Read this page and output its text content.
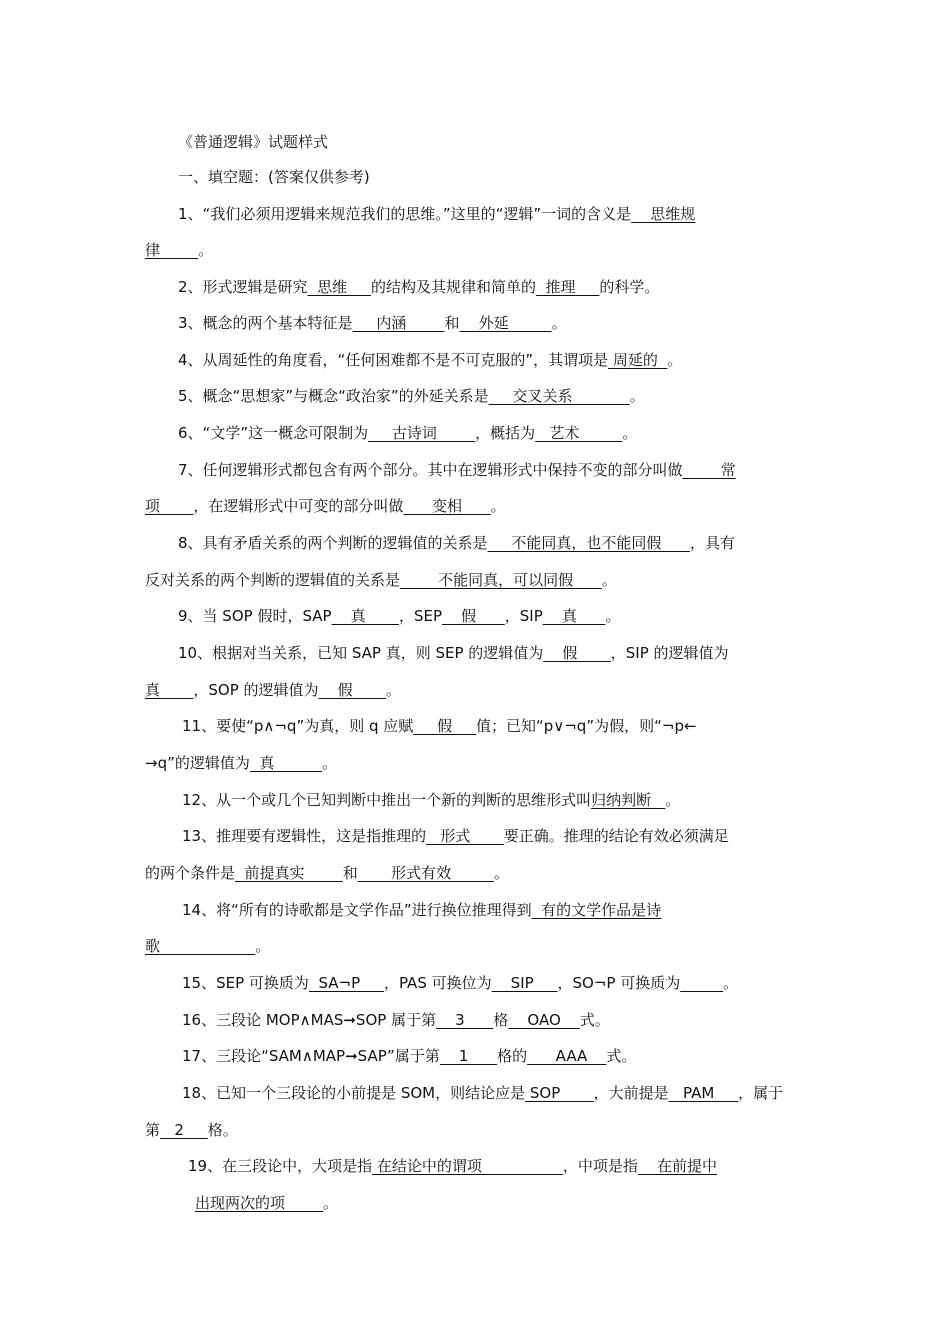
《普通逻辑》试题样式
一、填空题：(答案仅供参考)
1、“我们必须用逻辑来规范我们的思维。”这里的“逻辑”一词的含义是    思维规
律        。
2、形式逻辑是研究  思维     的结构及其规律和简单的  推理     的科学。
3、概念的两个基本特征是     内涵        和    外延         。
4、从周延性的角度看，“任何困难都不是不可克服的”，其谓项是 周延的  。
5、概念“思想家”与概念“政治家”的外延关系是     交叉关系            。
6、“文学”这一概念可限制为     古诗词        ，概括为   艺术         。
7、任何逻辑形式都包含有两个部分。其中在逻辑形式中保持不变的部分叫做        常
项       ，在逻辑形式中可变的部分叫做      变相      。
8、具有矛盾关系的两个判断的逻辑值的关系是     不能同真，也不能同假      ，具有
反对关系的两个判断的逻辑值的关系是        不能同真，可以同假      。
9、当 SOP 假时，SAP    真       ，SEP    假      ，SIP    真      。
10、根据对当关系，已知 SAP 真，则 SEP 的逻辑值为    假       ，SIP 的逻辑值为
真       ，SOP 的逻辑值为    假       。
11、要使“p∧¬q”为真，则 q 应赋     假     值；已知“p∨¬q”为假，则“¬p←
→q”的逻辑值为  真          。
12、从一个或几个已知判断中推出一个新的判断的思维形式叫归纳判断   。
13、推理要有逻辑性，这是指推理的   形式       要正确。推理的结论有效必须满足
的两个条件是  前提真实        和       形式有效         。
14、将“所有的诗歌都是文学作品”进行换位推理得到  有的文学作品是诗
歌                    。
15、SEP 可换质为  SA¬P     ，PAS 可换位为    SIP     ，SO¬P 可换质为	。
16、三段论 MOP∧MAS➞SOP 属于第    3      格    OAO    式。
17、三段论“SAM∧MAP➞SAP”属于第    1      格的      AAA    式。
18、已知一个三段论的小前提是 SOM，则结论应是 SOP       ，大前提是   PAM     ，属于
第   2     格。
19、在三段论中，大项是指 在结论中的谓项                 ，中项是指    在前提中
出现两次的项        。
